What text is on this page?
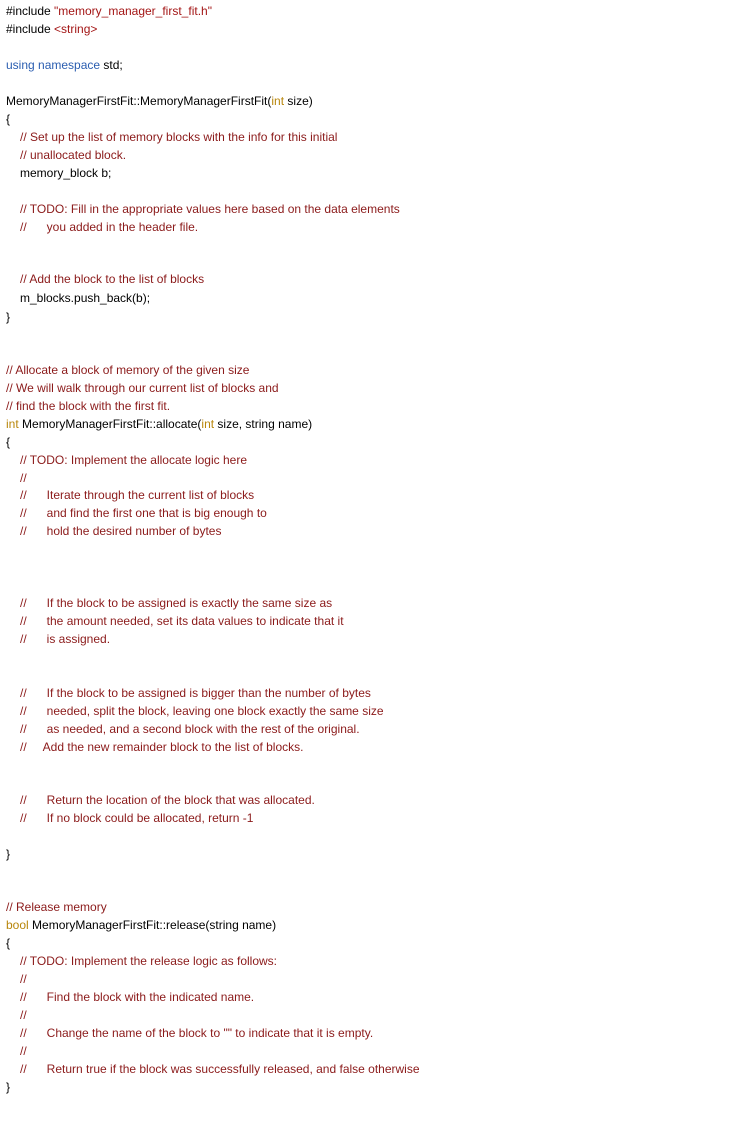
#include "memory_manager_first_fit.h"
#include <string>
using namespace std;
MemoryManagerFirstFit::MemoryManagerFirstFit(int size)
{
// Set up the list of memory blocks with the info for this initial
// unallocated block.
memory_block b;
// TODO: Fill in the appropriate values here based on the data elements
//      you added in the header file.
// Add the block to the list of blocks
m_blocks.push_back(b);
}
// Allocate a block of memory of the given size
// We will walk through our current list of blocks and
// find the block with the first fit.
int MemoryManagerFirstFit::allocate(int size, string name)
{
// TODO: Implement the allocate logic here
//
//      Iterate through the current list of blocks
//      and find the first one that is big enough to
//      hold the desired number of bytes
//      If the block to be assigned is exactly the same size as
//      the amount needed, set its data values to indicate that it
//      is assigned.
//      If the block to be assigned is bigger than the number of bytes
//      needed, split the block, leaving one block exactly the same size
//      as needed, and a second block with the rest of the original.
//     Add the new remainder block to the list of blocks.
//      Return the location of the block that was allocated.
//      If no block could be allocated, return -1
}
// Release memory
bool MemoryManagerFirstFit::release(string name)
{
// TODO: Implement the release logic as follows:
//
//      Find the block with the indicated name.
//
//      Change the name of the block to "" to indicate that it is empty.
//
//      Return true if the block was successfully released, and false otherwise
}
